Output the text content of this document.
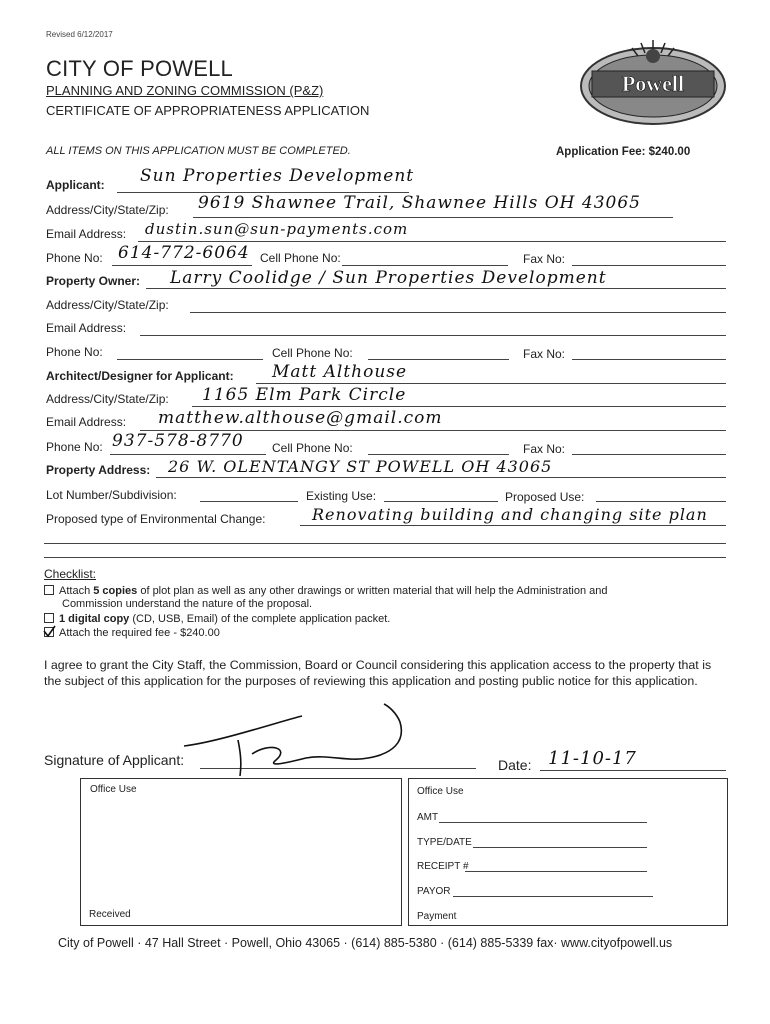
Revised 6/12/2017
CITY OF POWELL
PLANNING AND ZONING COMMISSION (P&Z)
CERTIFICATE OF APPROPRIATENESS APPLICATION
ALL ITEMS ON THIS APPLICATION MUST BE COMPLETED.	Application Fee: $240.00
Powell
Applicant: Sun Properties Development
Address/City/State/Zip: 9619 Shawnee Trail, Shawnee Hills OH 43065
Email Address: dustin.sun@sun-payments.com
Phone No: 614-772-6064 Cell Phone No:	Fax No:
Property Owner: Larry Coolidge / Sun Properties Development
Address/City/State/Zip:
Email Address:
Phone No:	Cell Phone No:	Fax No:
Architect/Designer for Applicant: Matt Althouse
Address/City/State/Zip: 1165 Elm Park Circle
Email Address: matthew.althouse@gmail.com
Phone No: 937-578-8770 Cell Phone No:	Fax No:
Property Address: 26 W. OLENTANGY ST POWELL OH 43065
Lot Number/Subdivision:	Existing Use:	Proposed Use:
Proposed type of Environmental Change:	Renovating building and changing site plan
Checklist:
Attach 5 copies of plot plan as well as any other drawings or written material that will help the Administration and
Commission understand the nature of the proposal.
1 digital copy (CD, USB, Email) of the complete application packet.
Attach the required fee - $240.00
I agree to grant the City Staff, the Commission, Board or Council considering this application access to the property that is the subject of this application for the purposes of reviewing this application and posting public notice for this application.
Signature of Applicant:	Date: 11-10-17
Office Use
Received
Office Use
AMT
TYPE/DATE
RECEIPT #
PAYOR
Payment
City of Powell · 47 Hall Street · Powell, Ohio 43065 · (614) 885-5380 · (614) 885-5339 fax· www.cityofpowell.us
